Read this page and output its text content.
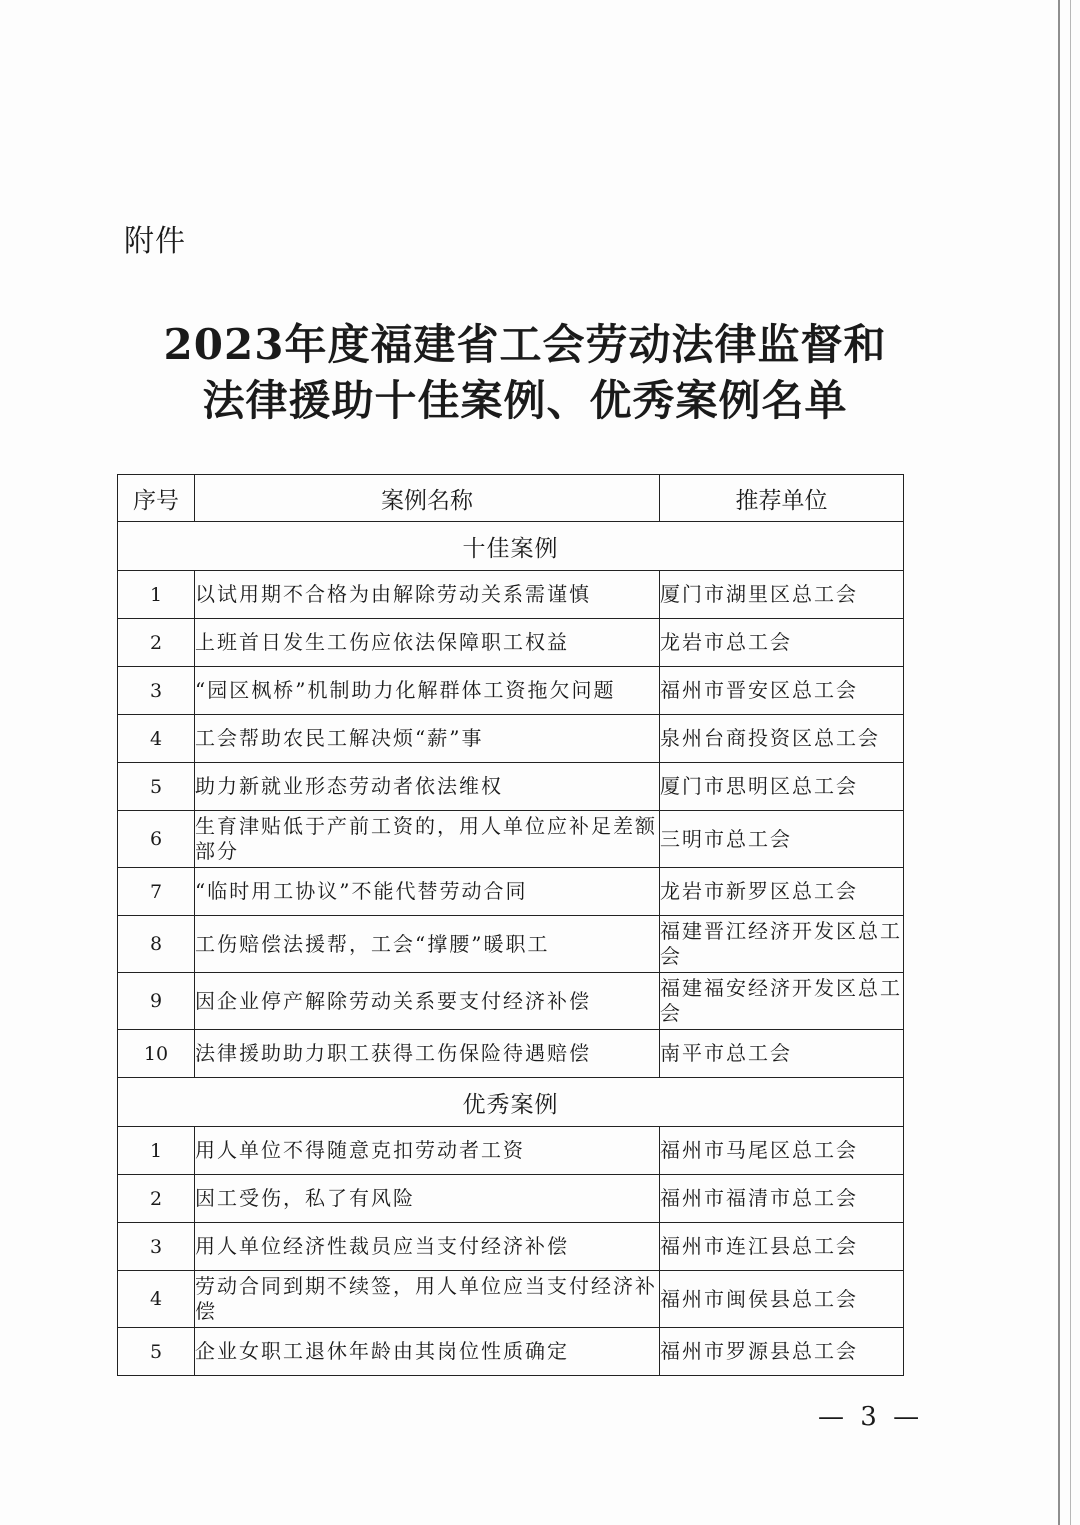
附件
2023年度福建省工会劳动法律监督和
法律援助十佳案例、优秀案例名单
序号	案例名称	推荐单位
十佳案例		
1	以试用期不合格为由解除劳动关系需谨慎	厦门市湖里区总工会
2	上班首日发生工伤应依法保障职工权益	龙岩市总工会
3	“园区枫桥”机制助力化解群体工资拖欠问题	福州市晋安区总工会
4	工会帮助农民工解决烦“薪”事	泉州台商投资区总工会
5	助力新就业形态劳动者依法维权	厦门市思明区总工会
6	生育津贴低于产前工资的，用人单位应补足差额部分	三明市总工会
7	“临时用工协议”不能代替劳动合同	龙岩市新罗区总工会
8	工伤赔偿法援帮，工会“撑腰”暖职工	福建晋江经济开发区总工会
9	因企业停产解除劳动关系要支付经济补偿	福建福安经济开发区总工会
10	法律援助助力职工获得工伤保险待遇赔偿	南平市总工会
优秀案例		
1	用人单位不得随意克扣劳动者工资	福州市马尾区总工会
2	因工受伤，私了有风险	福州市福清市总工会
3	用人单位经济性裁员应当支付经济补偿	福州市连江县总工会
4	劳动合同到期不续签，用人单位应当支付经济补偿	福州市闽侯县总工会
5	企业女职工退休年龄由其岗位性质确定	福州市罗源县总工会
— 3 —
